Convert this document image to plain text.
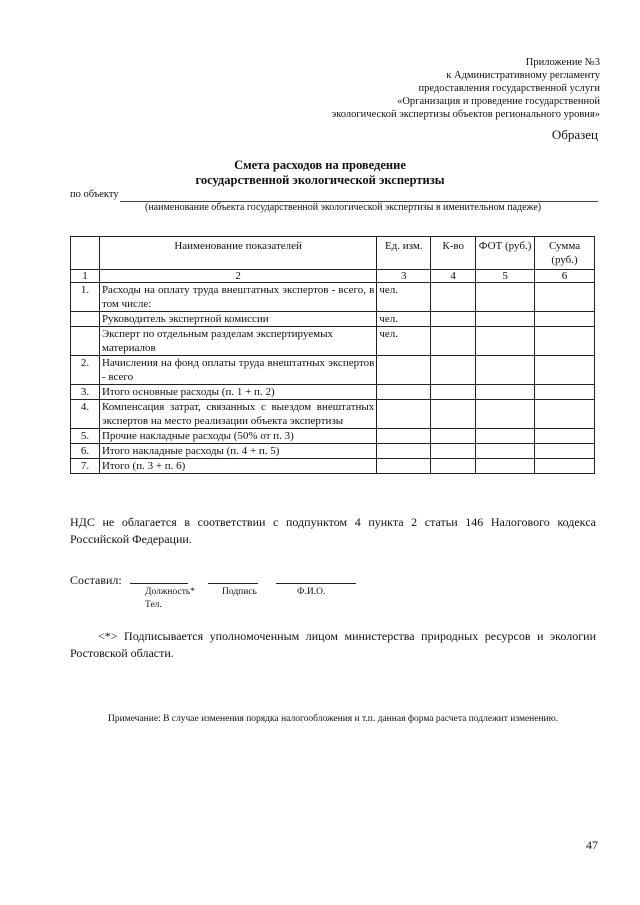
Приложение №3
к Административному регламенту
предоставления государственной услуги
«Организация и проведение государственной
экологической экспертизы объектов регионального уровня»
Образец
Смета расходов на проведение
государственной экологической экспертизы
по объекту
(наименование объекта государственной экологической экспертизы в именительном падеже)
	Наименование показателей	Ед. изм.	К-во	ФОТ (руб.)	Сумма (руб.)
1	2	3	4	5	6
1.	Расходы на оплату труда внештатных экспертов - всего, в том числе:	чел.			
	Руководитель экспертной комиссии	чел.			
	Эксперт по отдельным разделам экспертируемых материалов	чел.			
2.	Начисления на фонд оплаты труда внештатных экспертов - всего				
3.	Итого основные расходы (п. 1 + п. 2)				
4.	Компенсация затрат, связанных с выездом внештатных экспертов на место реализации объекта экспертизы				
5.	Прочие накладные расходы (50% от п. 3)				
6.	Итого накладные расходы (п. 4 + п. 5)				
7.	Итого (п. 3 + п. 6)				
НДС не облагается в соответствии с подпунктом 4 пункта 2 статьи 146 Налогового кодекса Российской Федерации.
Составил:
Должность*
Тел.
Подпись	Ф.И.О.
<*> Подписывается уполномоченным лицом министерства природных ресурсов и экологии Ростовской области.
Примечание: В случае изменения порядка налогообложения и т.п. данная форма расчета подлежит изменению.
47
